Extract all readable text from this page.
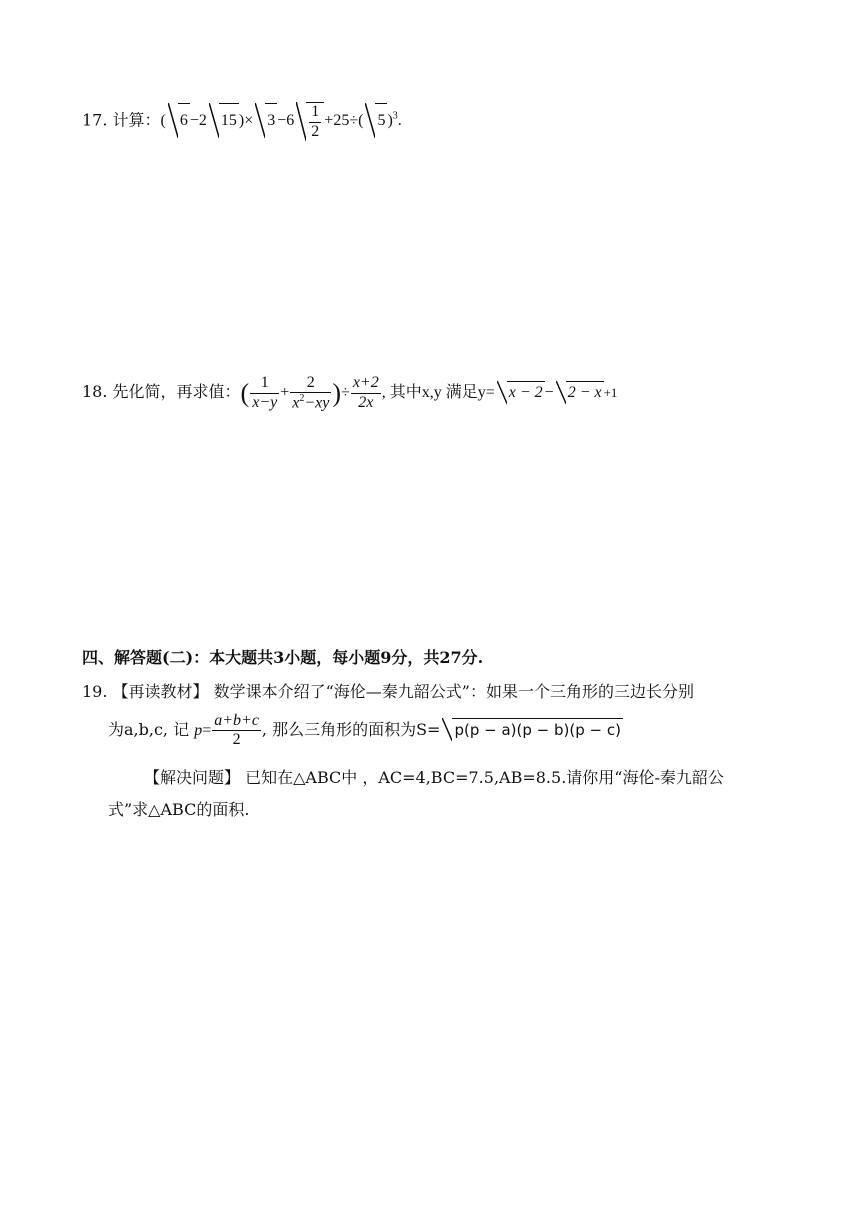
17. 计算：( 6 −2 15 )× $3 -6 \frac{1}{2} +25\div$( 5 )$^3$.
18. 先化简，再求值：( $\frac{1}{x-y} + \frac{2}{x^2-xy}$ )÷ $\frac{x+2}{2x}$ , 其中x,y 满足y= x − 2 − 2 − x +1
四、解答题(二)：本大题共3小题，每小题9分，共27分.
19. 【再读教材】 数学课本介绍了“海伦—秦九韶公式”：如果一个三角形的三边长分别
为a,b,c, 记 $p= \frac{a+b+c}{2}$ , 那么三角形的面积为S= p(p − a)(p − b)(p − c)
【解决问题】 已知在△ABC中 ，AC=4,BC=7.5,AB=8.5.请你用“海伦-秦九韶公
式”求△ABC的面积.
